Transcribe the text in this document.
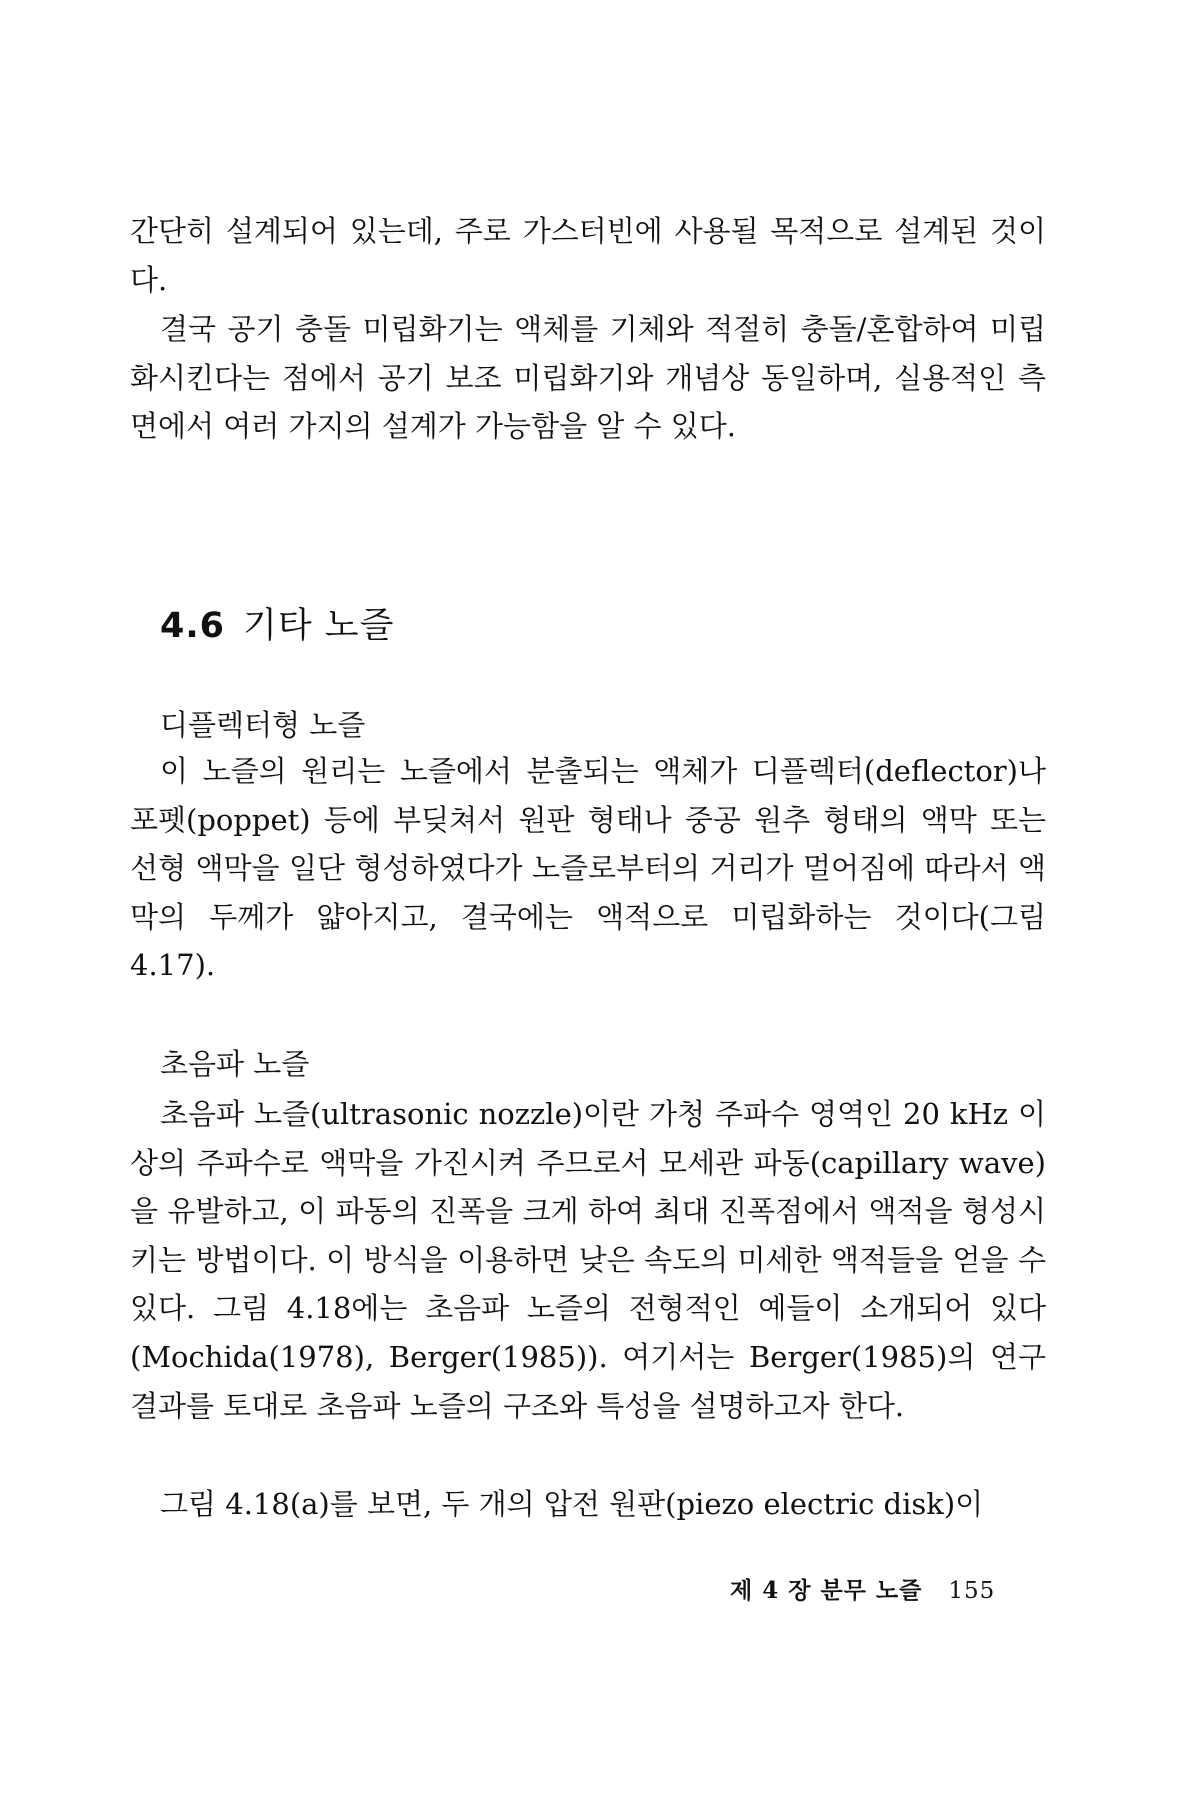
간단히 설계되어 있는데, 주로 가스터빈에 사용될 목적으로 설계된 것이다.

결국 공기 충돌 미립화기는 액체를 기체와 적절히 충돌/혼합하여 미립화시킨다는 점에서 공기 보조 미립화기와 개념상 동일하며, 실용적인 측면에서 여러 가지의 설계가 가능함을 알 수 있다.

4.6 기타 노즐
디플렉터형 노즐

이 노즐의 원리는 노즐에서 분출되는 액체가 디플렉터(deflector)나 포펫(poppet) 등에 부딪쳐서 원판 형태나 중공 원추 형태의 액막 또는 선형 액막을 일단 형성하였다가 노즐로부터의 거리가 멀어짐에 따라서 액막의 두께가 얇아지고, 결국에는 액적으로 미립화하는 것이다(그림 4.17).

초음파 노즐

초음파 노즐(ultrasonic nozzle)이란 가청 주파수 영역인 20 kHz 이상의 주파수로 액막을 가진시켜 주므로서 모세관 파동(capillary wave)을 유발하고, 이 파동의 진폭을 크게 하여 최대 진폭점에서 액적을 형성시키는 방법이다. 이 방식을 이용하면 낮은 속도의 미세한 액적들을 얻을 수 있다. 그림 4.18에는 초음파 노즐의 전형적인 예들이 소개되어 있다(Mochida(1978), Berger(1985)). 여기서는 Berger(1985)의 연구 결과를 토대로 초음파 노즐의 구조와 특성을 설명하고자 한다.

그림 4.18(a)를 보면, 두 개의 압전 원판(piezo electric disk)이

제 4 장 분무 노즐 155
